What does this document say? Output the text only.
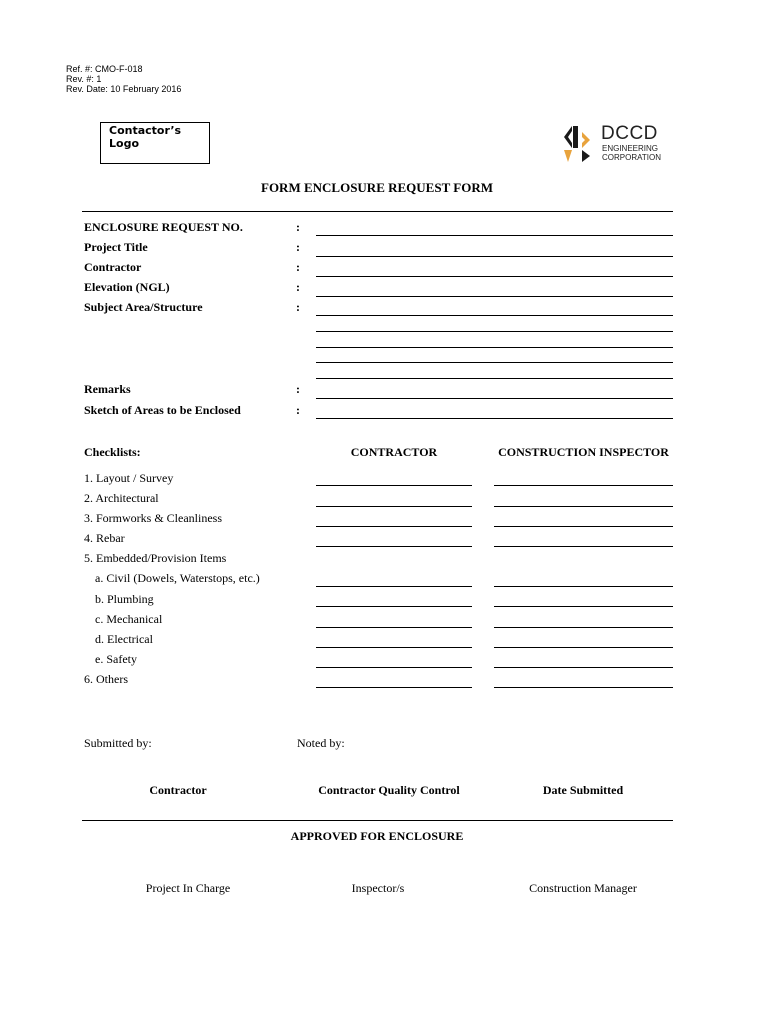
Ref. #: CMO-F-018
Rev. #: 1
Rev. Date: 10 February 2016
Contactor’s Logo	DCCD
ENGINEERING
CORPORATION
FORM ENCLOSURE REQUEST FORM
ENCLOSURE REQUEST NO.	:
Project Title	:
Contractor	:
Elevation (NGL)	:
Subject Area/Structure	:
Remarks	:
Sketch of Areas to be Enclosed	:
Checklists:	CONTRACTOR	CONSTRUCTION INSPECTOR
1. Layout / Survey
2. Architectural
3. Formworks & Cleanliness
4. Rebar
5. Embedded/Provision Items
a. Civil (Dowels, Waterstops, etc.)
b. Plumbing
c. Mechanical
d. Electrical
e. Safety
6. Others
Submitted by:	Noted by:
Contractor	Contractor Quality Control	Date Submitted
APPROVED FOR ENCLOSURE
Project In Charge	Inspector/s	Construction Manager
